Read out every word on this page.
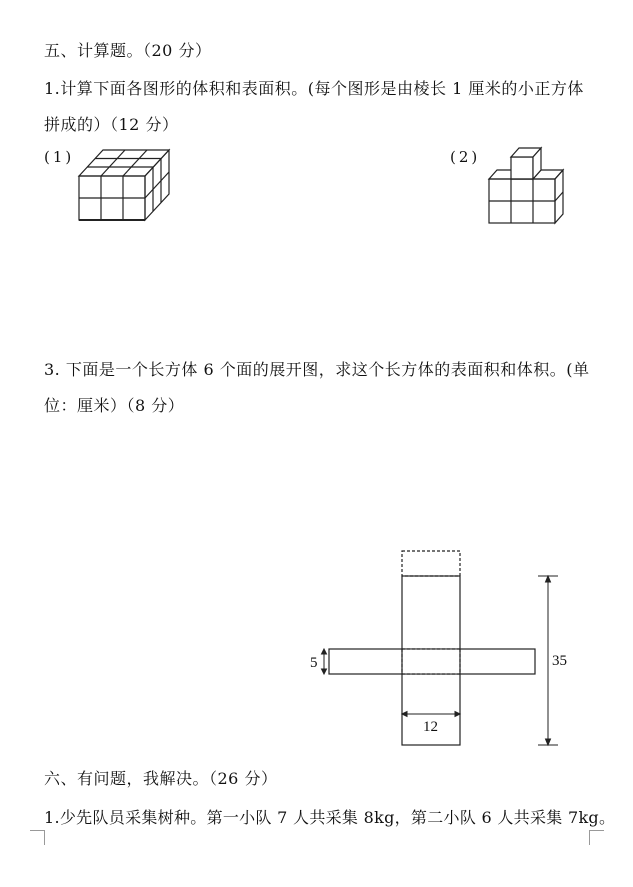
五、计算题。（20 分）
1.计算下面各图形的体积和表面积。(每个图形是由棱长 1 厘米的小正方体
拼成的）（12 分）
(1)	(2)
3. 下面是一个长方体 6 个面的展开图，求这个长方体的表面积和体积。(单
位：厘米）（8 分）
5
12
35
六、有问题，我解决。（26 分）
1.少先队员采集树种。第一小队 7 人共采集 8kg，第二小队 6 人共采集 7kg。
